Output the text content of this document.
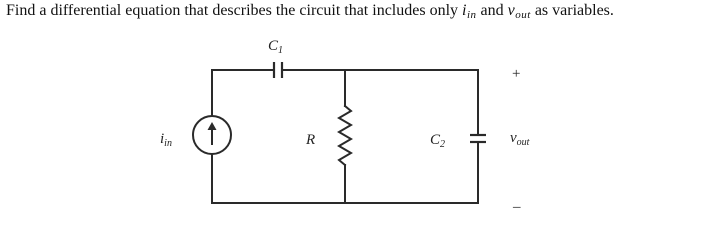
Find a differential equation that describes the circuit that includes only $i_{in}$ and $v_{out}$ as variables.

$C_1$
R	$C_2$
$i_{in}$	$v_{out}$
+
–
